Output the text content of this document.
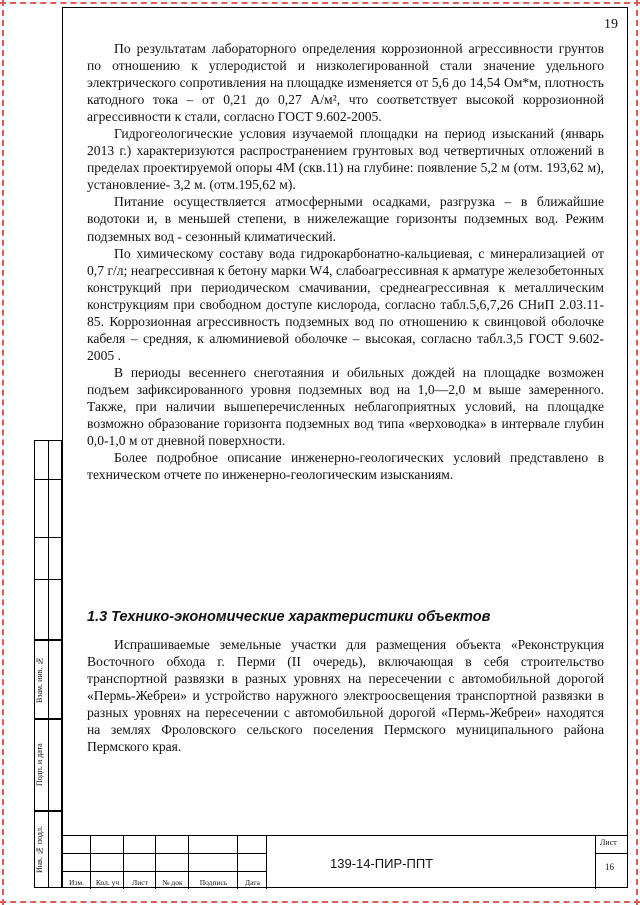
19

По результатам лабораторного определения коррозионной агрессивности грунтов по отношению к углеродистой и низколегированной стали значение удельного электрического сопротивления на площадке изменяется от 5,6 до 14,54 Ом*м, плотность катодного тока – от 0,21 до 0,27 А/м², что соответствует высокой коррозионной агрессивности к стали, согласно ГОСТ 9.602-2005.

Гидрогеологические условия изучаемой площадки на период изысканий (январь 2013 г.) характеризуются распространением грунтовых вод четвертичных отложений в пределах проектируемой опоры 4М (скв.11) на глубине: появление 5,2 м (отм. 193,62 м), установление- 3,2 м. (отм.195,62 м).

Питание осуществляется атмосферными осадками, разгрузка – в ближайшие водотоки и, в меньшей степени, в нижележащие горизонты подземных вод. Режим подземных вод - сезонный климатический.

По химическому составу вода гидрокарбонатно-кальциевая, с минерализацией от 0,7 г/л; неагрессивная к бетону марки W4, слабоагрессивная к арматуре железобетонных конструкций при периодическом смачивании, среднеагрессивная к металлическим конструкциям при свободном доступе кислорода, согласно табл.5,6,7,26 СНиП 2.03.11-85. Коррозионная агрессивность подземных вод по отношению к свинцовой оболочке кабеля – средняя, к алюминиевой оболочке – высокая, согласно табл.3,5 ГОСТ 9.602-2005 .

В периоды весеннего снеготаяния и обильных дождей на площадке возможен подъем зафиксированного уровня подземных вод на 1,0—2,0 м выше замеренного. Также, при наличии вышеперечисленных неблагоприятных условий, на площадке возможно образование горизонта подземных вод типа «верховодка» в интервале глубин 0,0-1,0 м от дневной поверхности.

Более подробное описание инженерно-геологических условий представлено в техническом отчете по инженерно-геологическим изысканиям.

1.3 Технико-экономические характеристики объектов

Испрашиваемые земельные участки для размещения объекта «Реконструкция Восточного обхода г. Перми (II очередь), включающая в себя строительство транспортной развязки в разных уровнях на пересечении с автомобильной дорогой «Пермь-Жебреи» и устройство наружного электроосвещения транспортной развязки в разных уровнях на пересечении с автомобильной дорогой «Пермь-Жебреи» находятся на землях Фроловского сельского поселения Пермского муниципального района Пермского края.

Взам. инв. №
Подп. и дата
Инв. № подл.
Изм.	Кол. уч	Лист	№ док	Подпись	Дата
139-14-ПИР-ППТ
Лист
16
